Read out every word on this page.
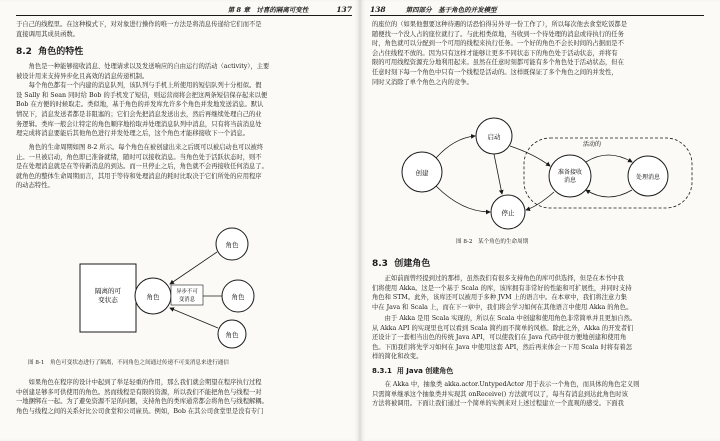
第 8 章　讨喜的隔离可变性	137
于自己的线程里。在这种模式下，对对象进行操作的唯一方法是将消息传递给它们而不是
直接调用其成员函数。
8.2 角色的特性

角色是一种能够接收消息、处理请求以及发送响应的自由运行的活动（activity），主要

被设计用来支持异步化且高效的消息传递机制。

每个角色都有一个内建的消息队列，该队列与手机上所使用的短信队列十分相似。假

设 Sally 和 Sean 同时给 Bob 的手机发了短信，则运营商将会把这两条短信保存起来以便
Bob 在方便的时候取走。类似地，基于角色的并发库允许多个角色并发地发送消息。默认
情况下，消息发送者都是非阻塞的；它们会先把消息发送出去，然后再继续处理自己的业
务逻辑。类库一般会让特定的角色顺序地拾取并处理消息队列中消息，只有将当前消息处
理完成将消息要能后其他角色进行并发处理之后，这个角色才能移接收下一个消息。

角色的生命周期如图 8-2 所示。每个角色在被创建出来之后既可以被启动也可以被终

止。一旦被启动，角色即已准备就绪，随时可以接收消息。当角色处于活跃状态时，则不
是在处理消息就是在等待新消息的到达。而一旦停止之后，角色就不会再接收任何消息了。
就角色的整体生命周期而言，其用于等待和处理消息的耗时比取决于它们所处的应用程序
的动态特性。
隔离的可
变状态	角色
角色
角色
角色
异步不可
变消息
图 8-1　角色可变状态进行了隔离，不同角色之间通过传递不可变消息来进行通信

如果角色在程序的设计中起到了举足轻重的作用，那么我们就会期望在程序执行过程

中创建足够多可供使用的角色。然而线程是有限的资源，所以我们不能把角色与线程一对
一地捆绑在一起。为了避免资源不足的问题，支持角色的类库通常都会将角色与线程解耦。
角色与线程之间的关系好比公司食堂和公司雇员。例如，Bob 在其公司食堂里是没有专门
138	第四部分　基于角色的并发模型
的座位的（如果他想要这种待遇的话恐怕得另外寻一份工作了），所以每次他去食堂吃饭都是
随便找一个没人占的座位就行了。与此相类似地，当收到一个待处理的消息或待执行的任务
时，角色就可以分配到一个可用的线程来执行任务。一个好的角色不会长时间的占据而是不
会占住线程不放的。因为只有这样才能够让更多不同状态下的角色处于活动状态，并将有
限的可用线程资源充分地利用起来。虽然在任意时刻都可能有多个角色处于活动状态，但在
任意时刻下每一个角色中只有一个线程是活动的。这样既保证了多个角色之间的并发性，
同时又消除了单个角色之内的竞争。
活动的
创建
启动
准备接收
消息	处理消息
停止
图 8-2　某个角色的生命周期
8.3 创建角色

正如前面曾经提到过的那样，虽然我们有很多支持角色的库可供选择，但是在本书中我

们将使用 Akka。这是一个基于 Scala 的库，该库拥有非常好的性能和可扩展性，并同时支持
角色和 STM。此外，该库还可以被用于多种 JVM 上的语言中。在本章中，我们将注意力集
中在 Java 和 Scala 上，而在下一章中，我们将会学习如何在其他语言中使用 Akka 的角色。

由于 Akka 是用 Scala 实现的，所以在 Scala 中创建和使用角色非常简单并且更加自然。

从 Akka API 的实现里也可以看到 Scala 简约而不简单的风格。除此之外，Akka 的开发者们
还设计了一套相当出色的传统 Java API，可以使我们在 Java 代码中很方便地创建和使用角
色。下面我们将先学习如何在 Java 中使用这套 API，然后再来体会一下用 Scala 时将有着怎
样的简化和改变。
8.3.1 用 Java 创建角色

在 Akka 中，抽象类 akka.actor.UntypedActor 用于表示一个角色，而具体的角色定义则

只需简单继承这个抽象类并实现其 onReceive() 方法就可以了，每当有消息到达此角色时该
方法将被调用。下面让我们通过一个简单的实例来对上述过程建立一个直观的感受。下面我
